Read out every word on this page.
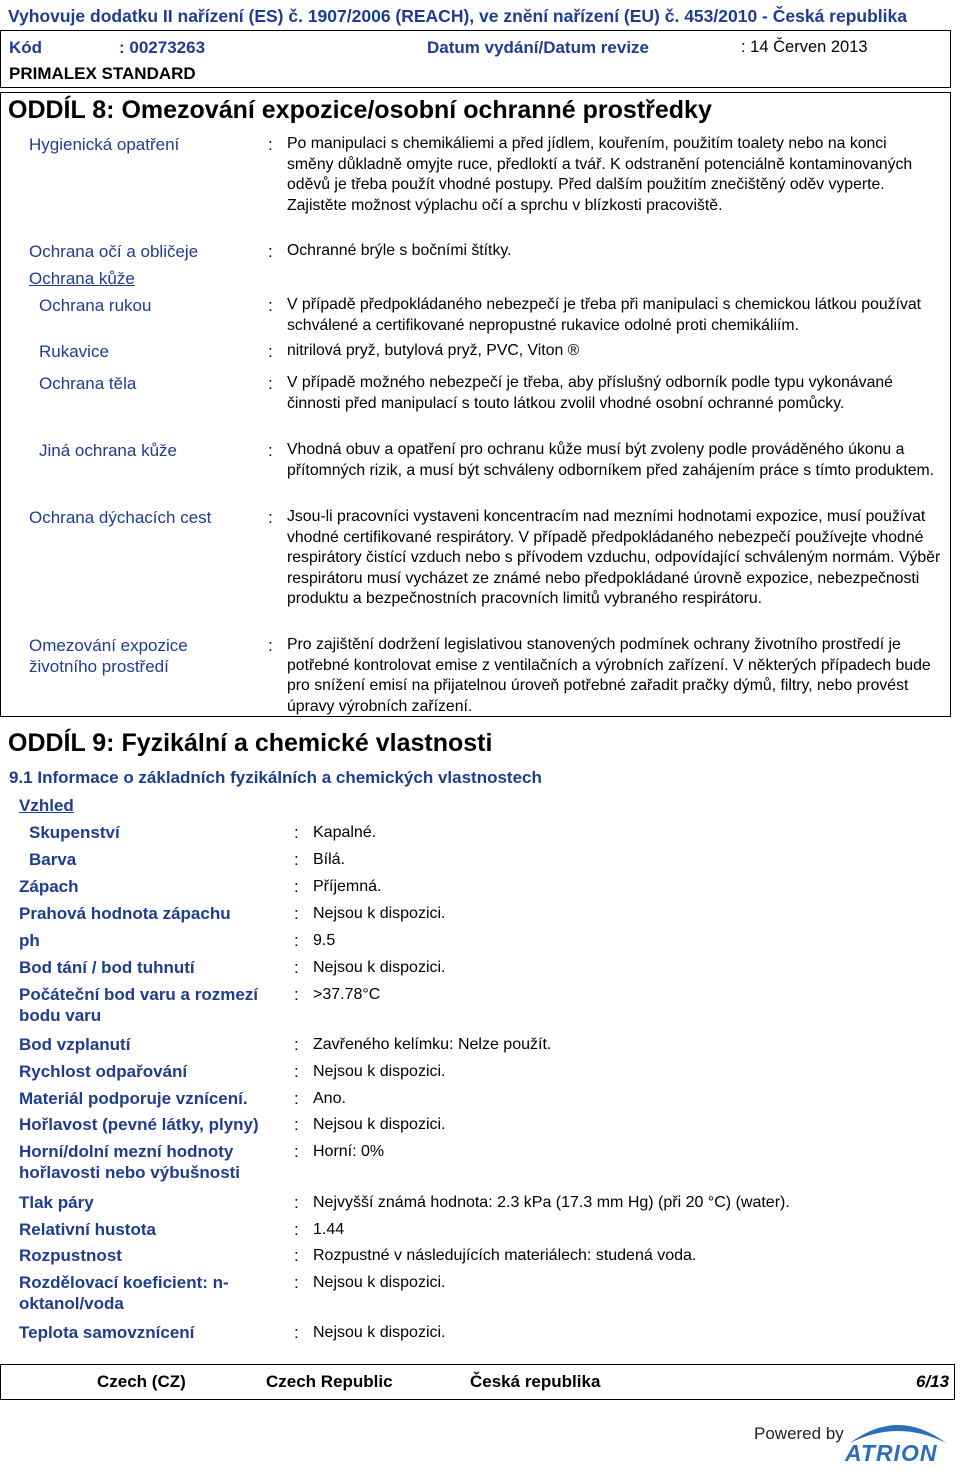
Vyhovuje dodatku II nařízení (ES) č. 1907/2006 (REACH), ve znění nařízení (EU) č. 453/2010 - Česká republika
Kód	: 00273263	Datum vydání/Datum revize	: 14 Červen 2013
PRIMALEX STANDARD
ODDÍL 8: Omezování expozice/osobní ochranné prostředky
Hygienická opatření	: Po manipulaci s chemikáliemi a před jídlem, kouřením, použitím toalety nebo na konci směny důkladně omyjte ruce, předloktí a tvář. K odstranění potenciálně kontaminovaných oděvů je třeba použít vhodné postupy. Před dalším použitím znečištěný oděv vyperte. Zajistěte možnost výplachu očí a sprchu v blízkosti pracoviště.
Ochrana očí a obličeje	: Ochranné brýle s bočními štítky.
Ochrana kůže
Ochrana rukou	: V případě předpokládaného nebezpečí je třeba při manipulaci s chemickou látkou používat schválené a certifikované nepropustné rukavice odolné proti chemikáliím.
Rukavice	: nitrilová pryž, butylová pryž, PVC, Viton ®
Ochrana těla	: V případě možného nebezpečí je třeba, aby příslušný odborník podle typu vykonávané činnosti před manipulací s touto látkou zvolil vhodné osobní ochranné pomůcky.
Jiná ochrana kůže	: Vhodná obuv a opatření pro ochranu kůže musí být zvoleny podle prováděného úkonu a přítomných rizik, a musí být schváleny odborníkem před zahájením práce s tímto produktem.
Ochrana dýchacích cest	: Jsou-li pracovníci vystaveni koncentracím nad mezními hodnotami expozice, musí používat vhodné certifikované respirátory. V případě předpokládaného nebezpečí používejte vhodné respirátory čistící vzduch nebo s přívodem vzduchu, odpovídající schváleným normám. Výběr respirátoru musí vycházet ze známé nebo předpokládané úrovně expozice, nebezpečnosti produktu a bezpečnostních pracovních limitů vybraného respirátoru.
Omezování expozice životního prostředí
: Pro zajištění dodržení legislativou stanovených podmínek ochrany životního prostředí je potřebné kontrolovat emise z ventilačních a výrobních zařízení. V některých případech bude pro snížení emisí na přijatelnou úroveň potřebné zařadit pračky dýmů, filtry, nebo provést úpravy výrobních zařízení.
ODDÍL 9: Fyzikální a chemické vlastnosti
9.1 Informace o základních fyzikálních a chemických vlastnostech
Vzhled
Skupenství	: Kapalné.
Barva	: Bílá.
Zápach	: Příjemná.
Prahová hodnota zápachu	: Nejsou k dispozici.
ph	: 9.5
Bod tání / bod tuhnutí	: Nejsou k dispozici.
Počáteční bod varu a rozmezí bodu varu
: >37.78°C
Bod vzplanutí	: Zavřeného kelímku: Nelze použít.
Rychlost odpařování	: Nejsou k dispozici.
Materiál podporuje vznícení.	: Ano.
Hořlavost (pevné látky, plyny) : Nejsou k dispozici.
Horní/dolní mezní hodnoty hořlavosti nebo výbušnosti
: Horní: 0%
Tlak páry	: Nejvyšší známá hodnota: 2.3 kPa (17.3 mm Hg) (při 20 °C) (water).
Relativní hustota	: 1.44
Rozpustnost	: Rozpustné v následujících materiálech: studená voda.
Rozdělovací koeficient: n-oktanol/voda
: Nejsou k dispozici.
Teplota samovznícení	: Nejsou k dispozici.
Czech (CZ)	Czech Republic	Česká republika	6/13
Powered by
ATRION
